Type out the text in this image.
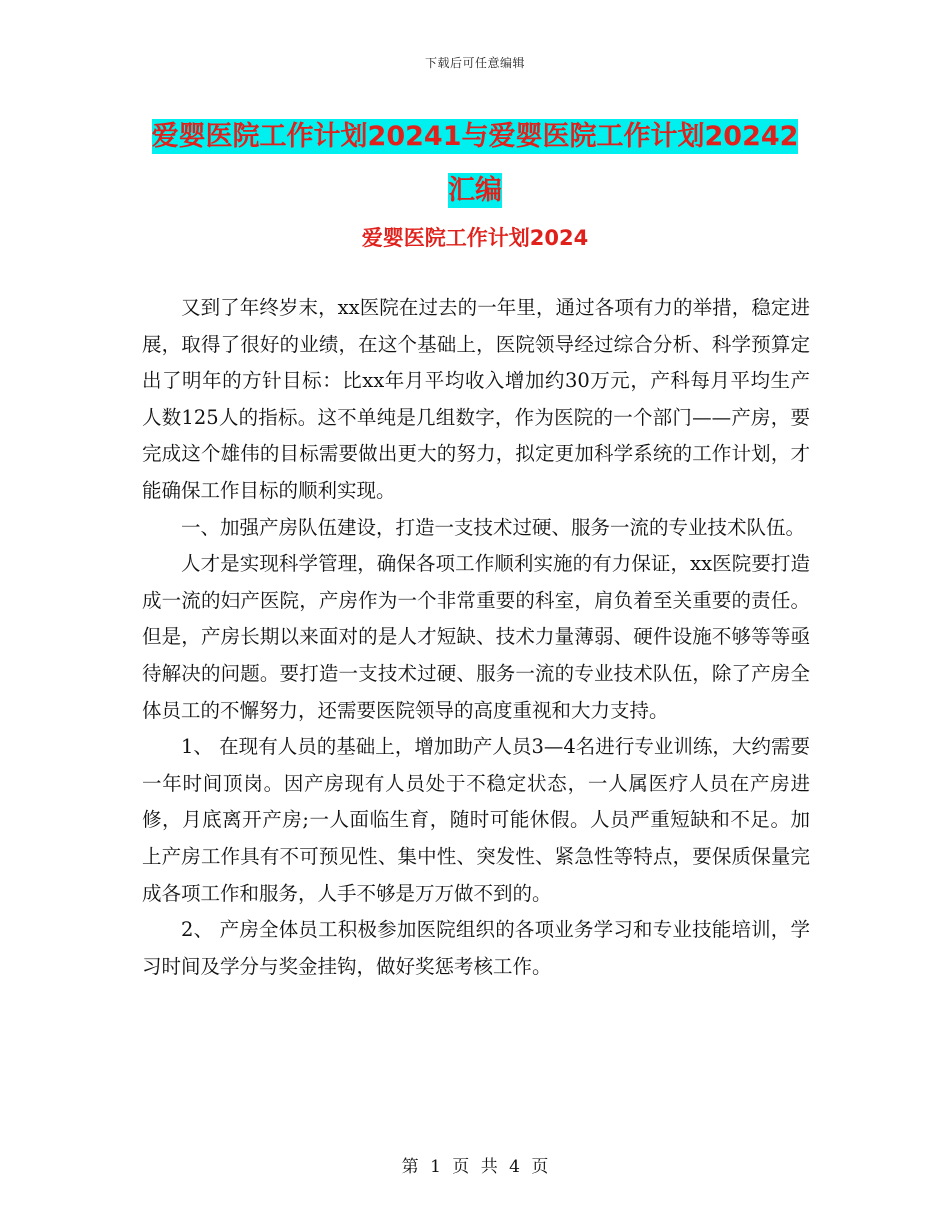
下载后可任意编辑
爱婴医院工作计划20241与爱婴医院工作计划20242
汇编
爱婴医院工作计划2024

又到了年终岁末，xx医院在过去的一年里，通过各项有力的举措，稳定进展，取得了很好的业绩，在这个基础上，医院领导经过综合分析、科学预算定出了明年的方针目标：比xx年月平均收入增加约30万元，产科每月平均生产人数125人的指标。这不单纯是几组数字，作为医院的一个部门——产房，要完成这个雄伟的目标需要做出更大的努力，拟定更加科学系统的工作计划，才能确保工作目标的顺利实现。

一、加强产房队伍建设，打造一支技术过硬、服务一流的专业技术队伍。

人才是实现科学管理，确保各项工作顺利实施的有力保证，xx医院要打造成一流的妇产医院，产房作为一个非常重要的科室，肩负着至关重要的责任。但是，产房长期以来面对的是人才短缺、技术力量薄弱、硬件设施不够等等亟待解决的问题。要打造一支技术过硬、服务一流的专业技术队伍，除了产房全体员工的不懈努力，还需要医院领导的高度重视和大力支持。

1、 在现有人员的基础上，增加助产人员3—4名进行专业训练，大约需要一年时间顶岗。因产房现有人员处于不稳定状态，一人属医疗人员在产房进修，月底离开产房;一人面临生育，随时可能休假。人员严重短缺和不足。加上产房工作具有不可预见性、集中性、突发性、紧急性等特点，要保质保量完成各项工作和服务，人手不够是万万做不到的。

2、 产房全体员工积极参加医院组织的各项业务学习和专业技能培训，学习时间及学分与奖金挂钩，做好奖惩考核工作。

第 1 页 共 4 页
